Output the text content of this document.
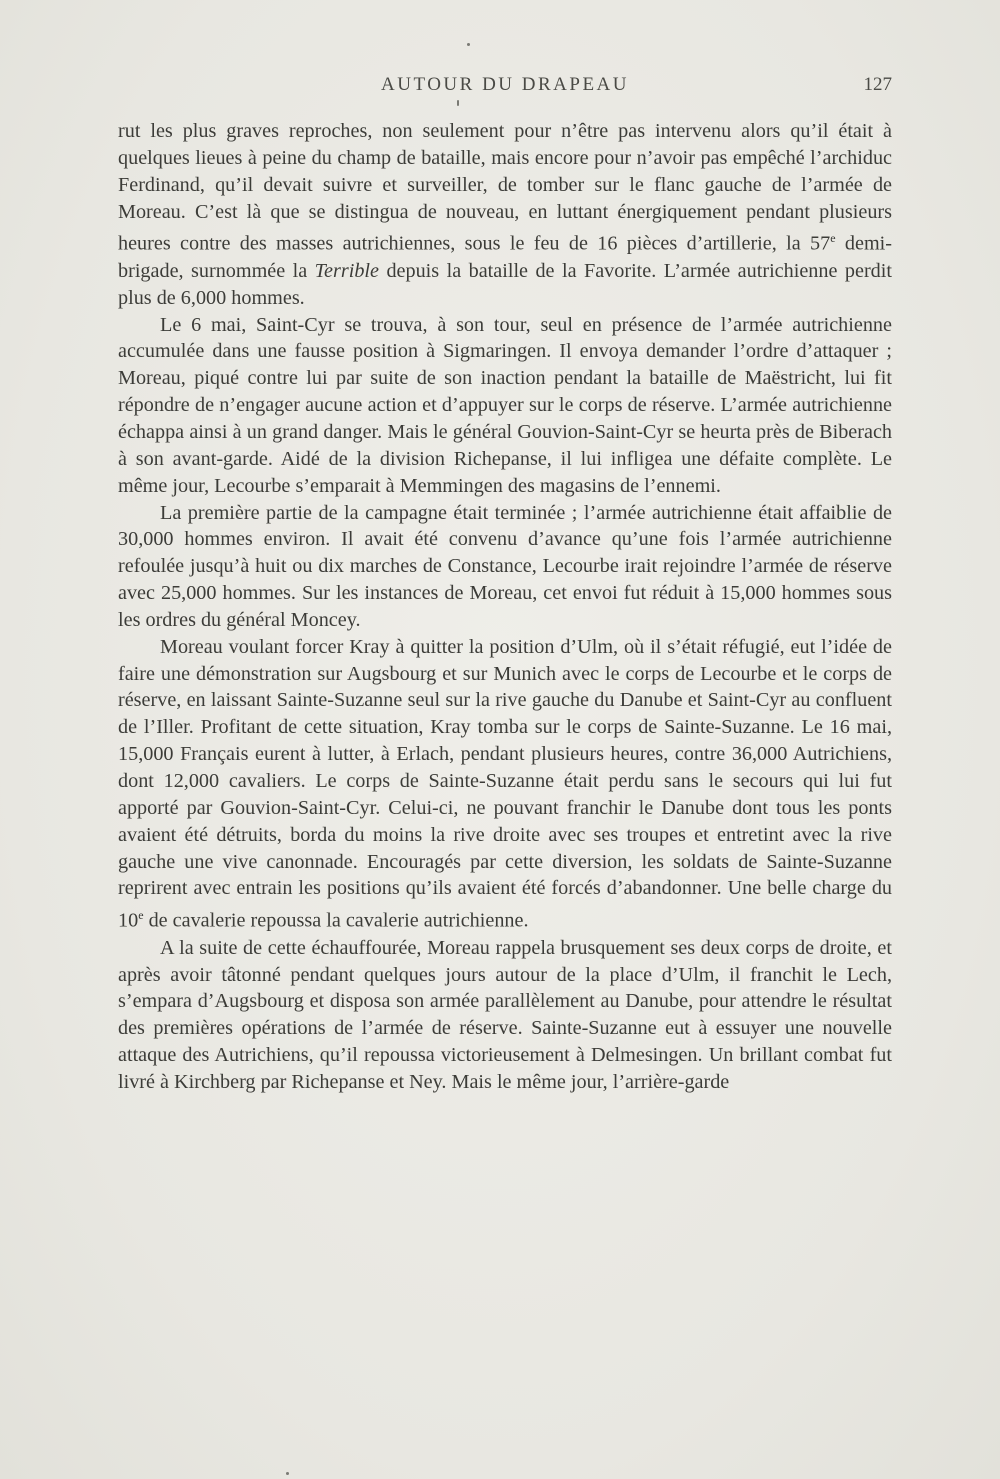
AUTOUR DU DRAPEAU	127

rut les plus graves reproches, non seulement pour n’être pas intervenu alors qu’il était à quelques lieues à peine du champ de bataille, mais encore pour n’avoir pas empêché l’archiduc Ferdinand, qu’il devait suivre et surveiller, de tomber sur le flanc gauche de l’armée de Moreau. C’est là que se distingua de nouveau, en luttant énergiquement pendant plusieurs heures contre des masses autrichiennes, sous le feu de 16 pièces d’artillerie, la 57e demi-brigade, surnommée la Terrible depuis la bataille de la Favorite. L’armée autrichienne perdit plus de 6,000 hommes.

Le 6 mai, Saint-Cyr se trouva, à son tour, seul en présence de l’armée autrichienne accumulée dans une fausse position à Sigmaringen. Il envoya demander l’ordre d’attaquer ; Moreau, piqué contre lui par suite de son inaction pendant la bataille de Maëstricht, lui fit répondre de n’engager aucune action et d’appuyer sur le corps de réserve. L’armée autrichienne échappa ainsi à un grand danger. Mais le général Gouvion-Saint-Cyr se heurta près de Biberach à son avant-garde. Aidé de la division Richepanse, il lui infligea une défaite complète. Le même jour, Lecourbe s’emparait à Memmingen des magasins de l’ennemi.

La première partie de la campagne était terminée ; l’armée autrichienne était affaiblie de 30,000 hommes environ. Il avait été convenu d’avance qu’une fois l’armée autrichienne refoulée jusqu’à huit ou dix marches de Constance, Lecourbe irait rejoindre l’armée de réserve avec 25,000 hommes. Sur les instances de Moreau, cet envoi fut réduit à 15,000 hommes sous les ordres du général Moncey.

Moreau voulant forcer Kray à quitter la position d’Ulm, où il s’était réfugié, eut l’idée de faire une démonstration sur Augsbourg et sur Munich avec le corps de Lecourbe et le corps de réserve, en laissant Sainte-Suzanne seul sur la rive gauche du Danube et Saint-Cyr au confluent de l’Iller. Profitant de cette situation, Kray tomba sur le corps de Sainte-Suzanne. Le 16 mai, 15,000 Français eurent à lutter, à Erlach, pendant plusieurs heures, contre 36,000 Autrichiens, dont 12,000 cavaliers. Le corps de Sainte-Suzanne était perdu sans le secours qui lui fut apporté par Gouvion-Saint-Cyr. Celui-ci, ne pouvant franchir le Danube dont tous les ponts avaient été détruits, borda du moins la rive droite avec ses troupes et entretint avec la rive gauche une vive canonnade. Encouragés par cette diversion, les soldats de Sainte-Suzanne reprirent avec entrain les positions qu’ils avaient été forcés d’abandonner. Une belle charge du 10e de cavalerie repoussa la cavalerie autrichienne.

A la suite de cette échauffourée, Moreau rappela brusquement ses deux corps de droite, et après avoir tâtonné pendant quelques jours autour de la place d’Ulm, il franchit le Lech, s’empara d’Augsbourg et disposa son armée parallèlement au Danube, pour attendre le résultat des premières opérations de l’armée de réserve. Sainte-Suzanne eut à essuyer une nouvelle attaque des Autrichiens, qu’il repoussa victorieusement à Delmesingen. Un brillant combat fut livré à Kirchberg par Richepanse et Ney. Mais le même jour, l’arrière-garde
